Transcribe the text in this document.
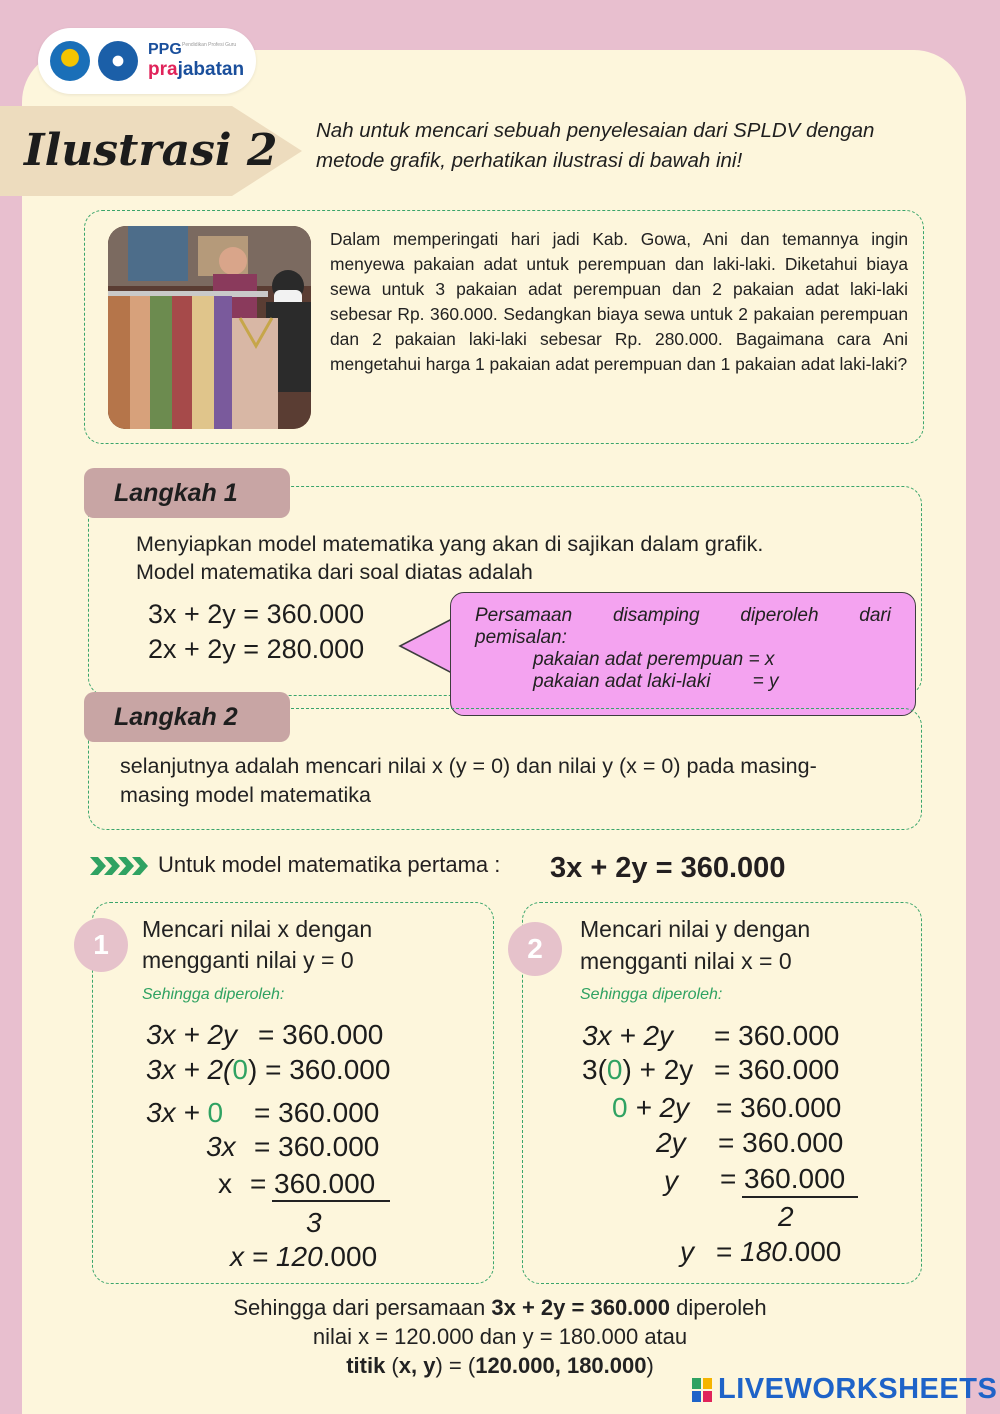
PPG Pendidikan Profesi Guru
prajabatan
Ilustrasi 2 Nah untuk mencari sebuah penyelesaian dari SPLDV dengan metode grafik, perhatikan ilustrasi di bawah ini!
Dalam memperingati hari jadi Kab. Gowa, Ani dan temannya ingin menyewa pakaian adat untuk perempuan dan laki-laki. Diketahui biaya sewa untuk 3 pakaian adat perempuan dan 2 pakaian adat laki-laki sebesar Rp. 360.000. Sedangkan biaya sewa untuk 2 pakaian perempuan dan 2 pakaian laki-laki sebesar Rp. 280.000. Bagaimana cara Ani mengetahui harga 1 pakaian adat perempuan dan 1 pakaian adat laki-laki?
Langkah 1
Menyiapkan model matematika yang akan di sajikan dalam grafik.
Model matematika dari soal diatas adalah
3x + 2y = 360.000
2x + 2y = 280.000
Persamaan disamping diperoleh dari
pemisalan:
pakaian adat perempuan = x
pakaian adat laki-laki        = y
Langkah 2
selanjutnya adalah mencari nilai x (y = 0) dan nilai y (x = 0) pada masing-masing model matematika
Untuk model matematika pertama : 3x + 2y = 360.000
1	Mencari nilai x dengan
mengganti nilai y = 0
Sehingga diperoleh:
3x + 2y = 360.000
3x + 2(0) = 360.000
3x + 0 = 360.000
3x = 360.000
x = 360.000
3
x = 120.000
2
Mencari nilai y dengan
mengganti nilai x = 0
Sehingga diperoleh:
3x + 2y = 360.000
3(0) + 2y = 360.000
0 + 2y = 360.000
2y = 360.000
y = 360.000
2
y = 180.000
Sehingga dari persamaan 3x + 2y = 360.000 diperoleh
nilai x = 120.000 dan y = 180.000 atau
titik (x, y) = (120.000, 180.000)
LIVEWORKSHEETS
